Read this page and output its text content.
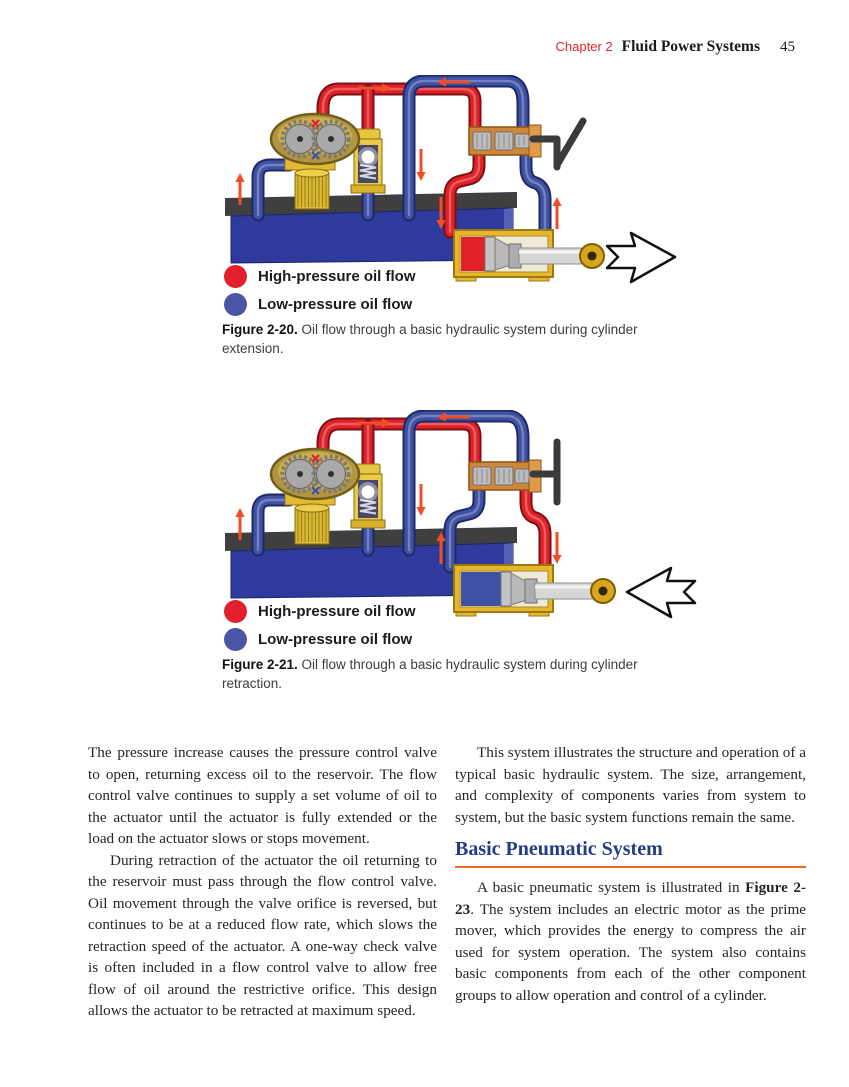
Chapter 2 Fluid Power Systems 45
High-pressure oil flow
Low-pressure oil flow
Figure 2-20. Oil flow through a basic hydraulic system during cylinder extension.
High-pressure oil flow
Low-pressure oil flow
Figure 2-21. Oil flow through a basic hydraulic system during cylinder retraction.

The pressure increase causes the pressure control valve to open, returning excess oil to the reservoir. The flow control valve continues to supply a set volume of oil to the actuator until the actuator is fully extended or the load on the actuator slows or stops movement.

During retraction of the actuator the oil returning to the reservoir must pass through the flow control valve. Oil movement through the valve orifice is reversed, but continues to be at a reduced flow rate, which slows the retraction speed of the actuator. A one-way check valve is often included in a flow control valve to allow free flow of oil around the restrictive orifice. This design allows the actuator to be retracted at maximum speed.

This system illustrates the structure and operation of a typical basic hydraulic system. The size, arrangement, and complexity of components varies from system to system, but the basic system functions remain the same.

Basic Pneumatic System

A basic pneumatic system is illustrated in Figure 2-23. The system includes an electric motor as the prime mover, which provides the energy to compress the air used for system operation. The system also contains basic components from each of the other component groups to allow operation and control of a cylinder.
